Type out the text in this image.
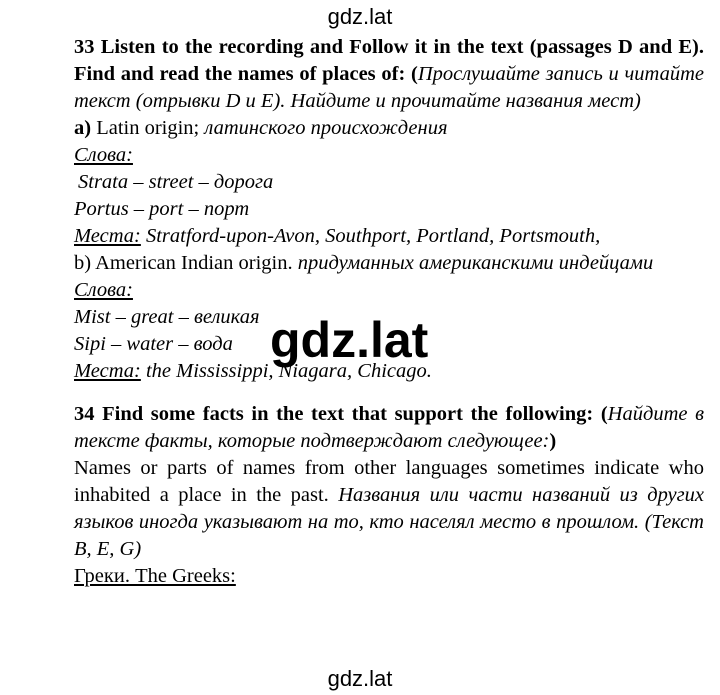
gdz.lat

33 Listen to the recording and Follow it in the text (passages D and E). Find and read the names of places of: (Прослушайте запись и читайте текст (отрывки D и E). Найдите и прочитайте названия мест)

a) Latin origin; латинского происхождения

Слова:

Strata – street – дорога

Portus – port – порт

Места: Stratford-upon-Avon, Southport, Portland, Portsmouth,

b) American Indian origin. придуманных американскими индейцами

Слова:

Mist – great – великая

Sipi – water – вода

Места: the Mississippi, Niagara, Chicago.

34 Find some facts in the text that support the following: (Найдите в тексте факты, которые подтверждают следующее:)

Names or parts of names from other languages sometimes indicate who inhabited a place in the past. Названия или части названий из других языков иногда указывают на то, кто населял место в прошлом. (Текст B, E, G)

Греки. The Greeks:

gdz.lat
gdz.lat
